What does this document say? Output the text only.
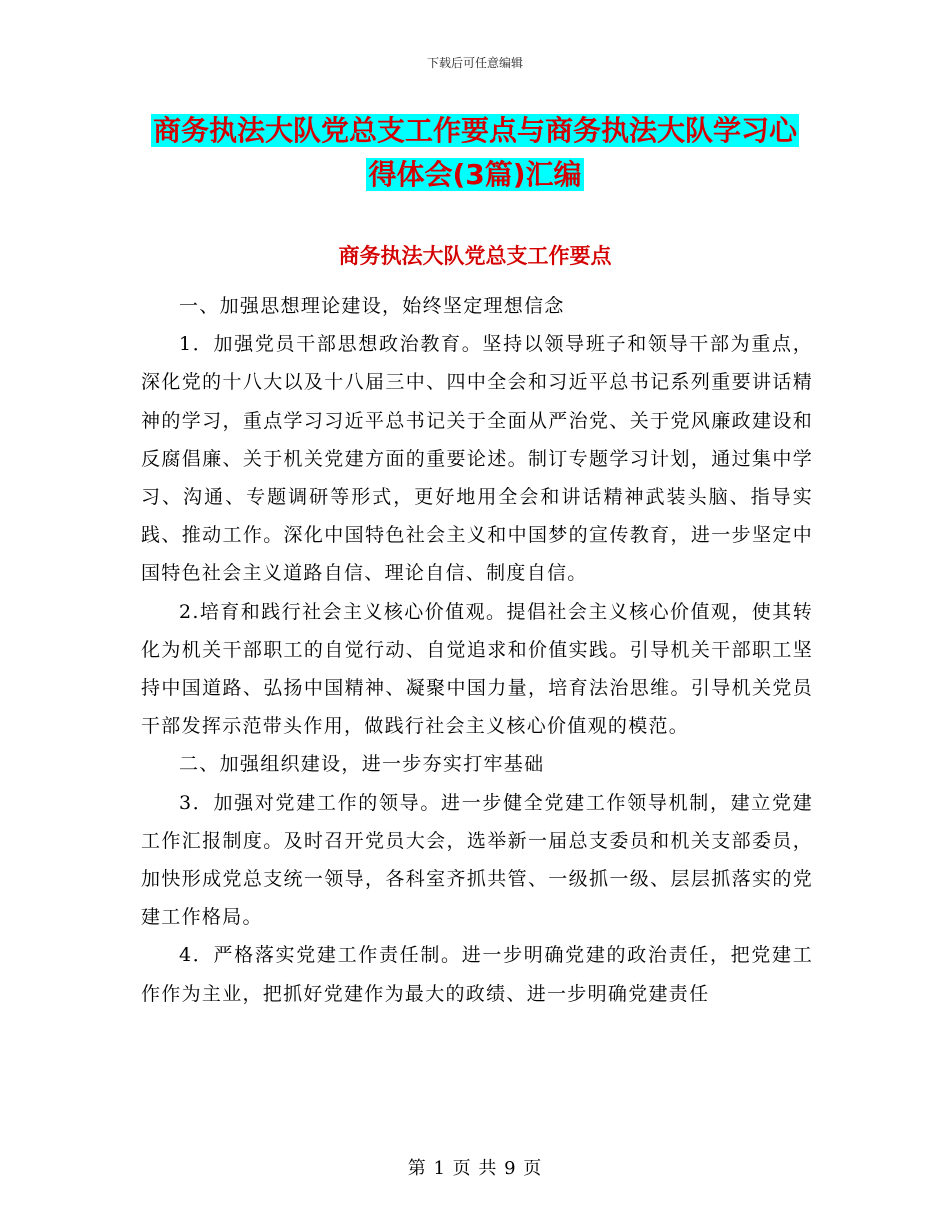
下载后可任意编辑
商务执法大队党总支工作要点与商务执法大队学习心
得体会(3篇)汇编
商务执法大队党总支工作要点

一、加强思想理论建设，始终坚定理想信念

1．加强党员干部思想政治教育。坚持以领导班子和领导干部为重点，深化党的十八大以及十八届三中、四中全会和习近平总书记系列重要讲话精神的学习，重点学习习近平总书记关于全面从严治党、关于党风廉政建设和反腐倡廉、关于机关党建方面的重要论述。制订专题学习计划，通过集中学习、沟通、专题调研等形式，更好地用全会和讲话精神武装头脑、指导实践、推动工作。深化中国特色社会主义和中国梦的宣传教育，进一步坚定中国特色社会主义道路自信、理论自信、制度自信。

2.培育和践行社会主义核心价值观。提倡社会主义核心价值观，使其转化为机关干部职工的自觉行动、自觉追求和价值实践。引导机关干部职工坚持中国道路、弘扬中国精神、凝聚中国力量，培育法治思维。引导机关党员干部发挥示范带头作用，做践行社会主义核心价值观的模范。

二、加强组织建设，进一步夯实打牢基础

3．加强对党建工作的领导。进一步健全党建工作领导机制，建立党建工作汇报制度。及时召开党员大会，选举新一届总支委员和机关支部委员，加快形成党总支统一领导，各科室齐抓共管、一级抓一级、层层抓落实的党建工作格局。

4．严格落实党建工作责任制。进一步明确党建的政治责任，把党建工作作为主业，把抓好党建作为最大的政绩、进一步明确党建责任

第 1 页 共 9 页
